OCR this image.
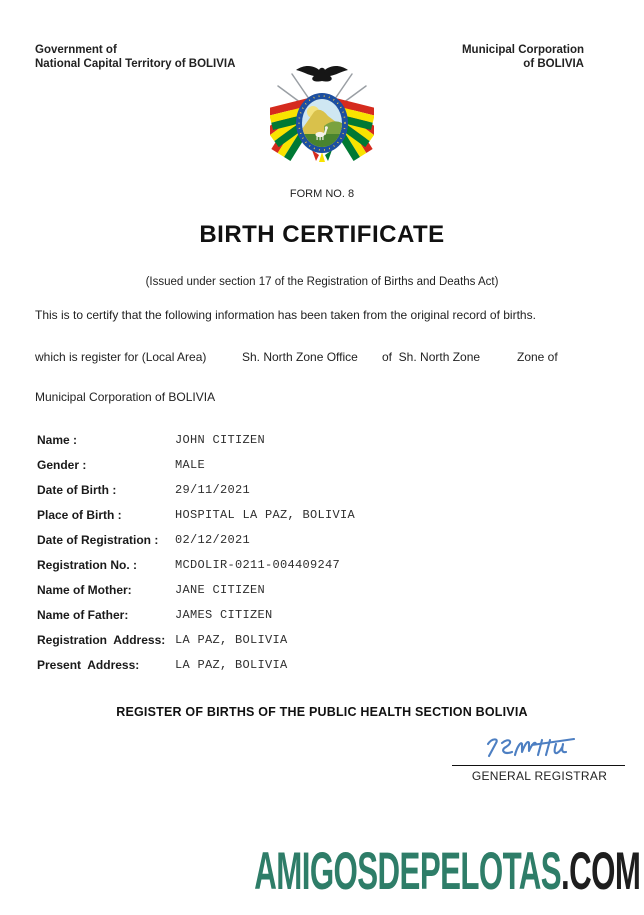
Government of
National Capital Territory of BOLIVIA
Municipal Corporation
of BOLIVIA
FORM NO. 8
BIRTH CERTIFICATE
(Issued under section 17 of the Registration of Births and Deaths Act)
This is to certify that the following information has been taken from the original record of births.
which is register for (Local Area)	Sh. North Zone Office of  Sh. North Zone	Zone of
Municipal Corporation of BOLIVIA
Name :	JOHN CITIZEN
Gender :	MALE
Date of Birth :	29/11/2021
Place of Birth :	HOSPITAL LA PAZ, BOLIVIA
Date of Registration :	02/12/2021
Registration No. :	MCDOLIR-0211-004409247
Name of Mother:	JANE CITIZEN
Name of Father:	JAMES CITIZEN
Registration  Address: LA PAZ, BOLIVIA
Present  Address:	LA PAZ, BOLIVIA
REGISTER OF BIRTHS OF THE PUBLIC HEALTH SECTION BOLIVIA
GENERAL REGISTRAR
AMIGOSDEPELOTAS.COM
